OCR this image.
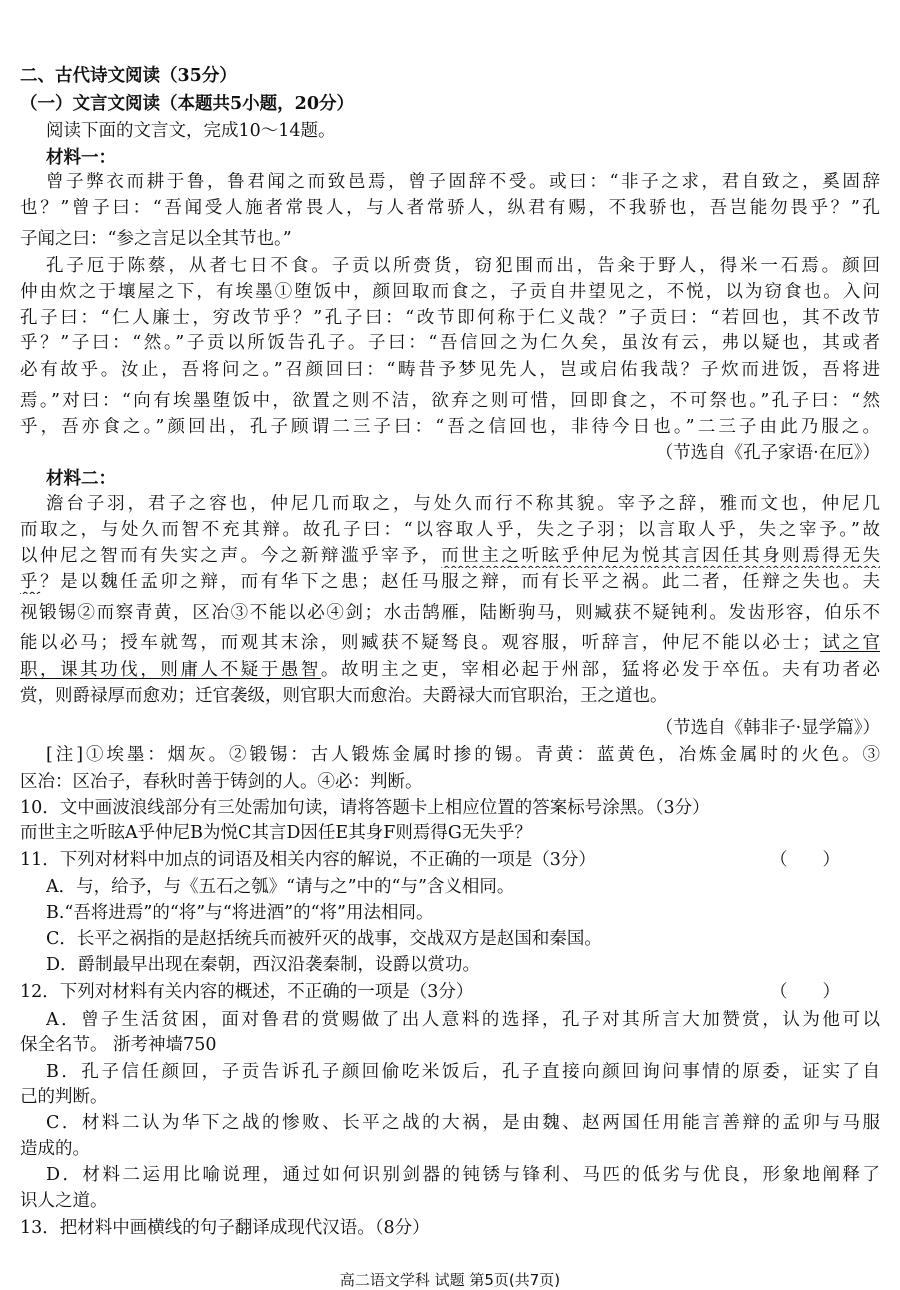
二、古代诗文阅读（35分）
（一）文言文阅读（本题共5小题，20分）
阅读下面的文言文，完成10～14题。
材料一：
曾子弊衣而耕于鲁，鲁君闻之而致邑焉，曾子固辞不受。或曰：“非子之求，君自致之，奚固辞
也？”曾子曰：“吾闻受人施者常畏人，与人者常骄人，纵君有赐，不我骄也，吾岂能勿畏乎？”孔
子闻之曰：“参之言足以全其节也。”
孔子厄于陈蔡，从者七日不食。子贡以所赍货，窃犯围而出，告籴于野人，得米一石焉。颜回
仲由炊之于壤屋之下，有埃墨①堕饭中，颜回取而食之，子贡自井望见之，不悦，以为窃食也。入问
孔子曰：“仁人廉士，穷改节乎？”孔子曰：“改节即何称于仁义哉？”子贡曰：“若回也，其不改节
乎？”子曰：“然。”子贡以所饭告孔子。子曰：“吾信回之为仁久矣，虽汝有云，弗以疑也，其或者
必有故乎。汝止，吾将问之。”召颜回曰：“畴昔予梦见先人，岂或启佑我哉？子炊而进饭，吾将进
焉。”对曰：“向有埃墨堕饭中，欲置之则不洁，欲弃之则可惜，回即食之，不可祭也。”孔子曰：“然
乎，吾亦食之。”颜回出，孔子顾谓二三子曰：“吾之信回也，非待今日也。”二三子由此乃服之。
（节选自《孔子家语·在厄》）
材料二：
澹台子羽，君子之容也，仲尼几而取之，与处久而行不称其貌。宰予之辞，雅而文也，仲尼几
而取之，与处久而智不充其辩。故孔子曰：“以容取人乎，失之子羽；以言取人乎，失之宰予。”故
以仲尼之智而有失实之声。今之新辩滥乎宰予，而世主之听眩乎仲尼为悦其言因任其身则焉得无失
乎？是以魏任孟卯之辩，而有华下之患；赵任马服之辩，而有长平之祸。此二者，任辩之失也。夫
视锻锡②而察青黄，区冶③不能以必④剑；水击鹄雁，陆断驹马，则臧获不疑钝利。发齿形容，伯乐不
能以必马；授车就驾，而观其末涂，则臧获不疑驽良。观容服，听辞言，仲尼不能以必士；试之官
职，课其功伐，则庸人不疑于愚智。故明主之吏，宰相必起于州部，猛将必发于卒伍。夫有功者必
赏，则爵禄厚而愈劝；迁官袭级，则官职大而愈治。夫爵禄大而官职治，王之道也。
（节选自《韩非子·显学篇》）
[注]①埃墨：烟灰。②锻锡：古人锻炼金属时掺的锡。青黄：蓝黄色，冶炼金属时的火色。③
区冶：区冶子，春秋时善于铸剑的人。④必：判断。
10．文中画波浪线部分有三处需加句读，请将答题卡上相应位置的答案标号涂黑。（3分）
而世主之听眩A乎仲尼B为悦C其言D因任E其身F则焉得G无失乎？
11．下列对材料中加点的词语及相关内容的解说，不正确的一项是（3分）	（　　）
A．与，给予，与《五石之瓠》“请与之”中的“与”含义相同。
B.“吾将进焉”的“将”与“将进酒”的“将”用法相同。
C．长平之祸指的是赵括统兵而被歼灭的战事，交战双方是赵国和秦国。
D．爵制最早出现在秦朝，西汉沿袭秦制，设爵以赏功。
12．下列对材料有关内容的概述，不正确的一项是（3分）	（　　）
A．曾子生活贫困，面对鲁君的赏赐做了出人意料的选择，孔子对其所言大加赞赏，认为他可以
保全名节。 浙考神墙750
B．孔子信任颜回，子贡告诉孔子颜回偷吃米饭后，孔子直接向颜回询问事情的原委，证实了自
己的判断。
C．材料二认为华下之战的惨败、长平之战的大祸，是由魏、赵两国任用能言善辩的孟卯与马服
造成的。
D．材料二运用比喻说理，通过如何识别剑器的钝锈与锋利、马匹的低劣与优良，形象地阐释了
识人之道。
13．把材料中画横线的句子翻译成现代汉语。（8分）
高二语文学科 试题 第5页(共7页)
